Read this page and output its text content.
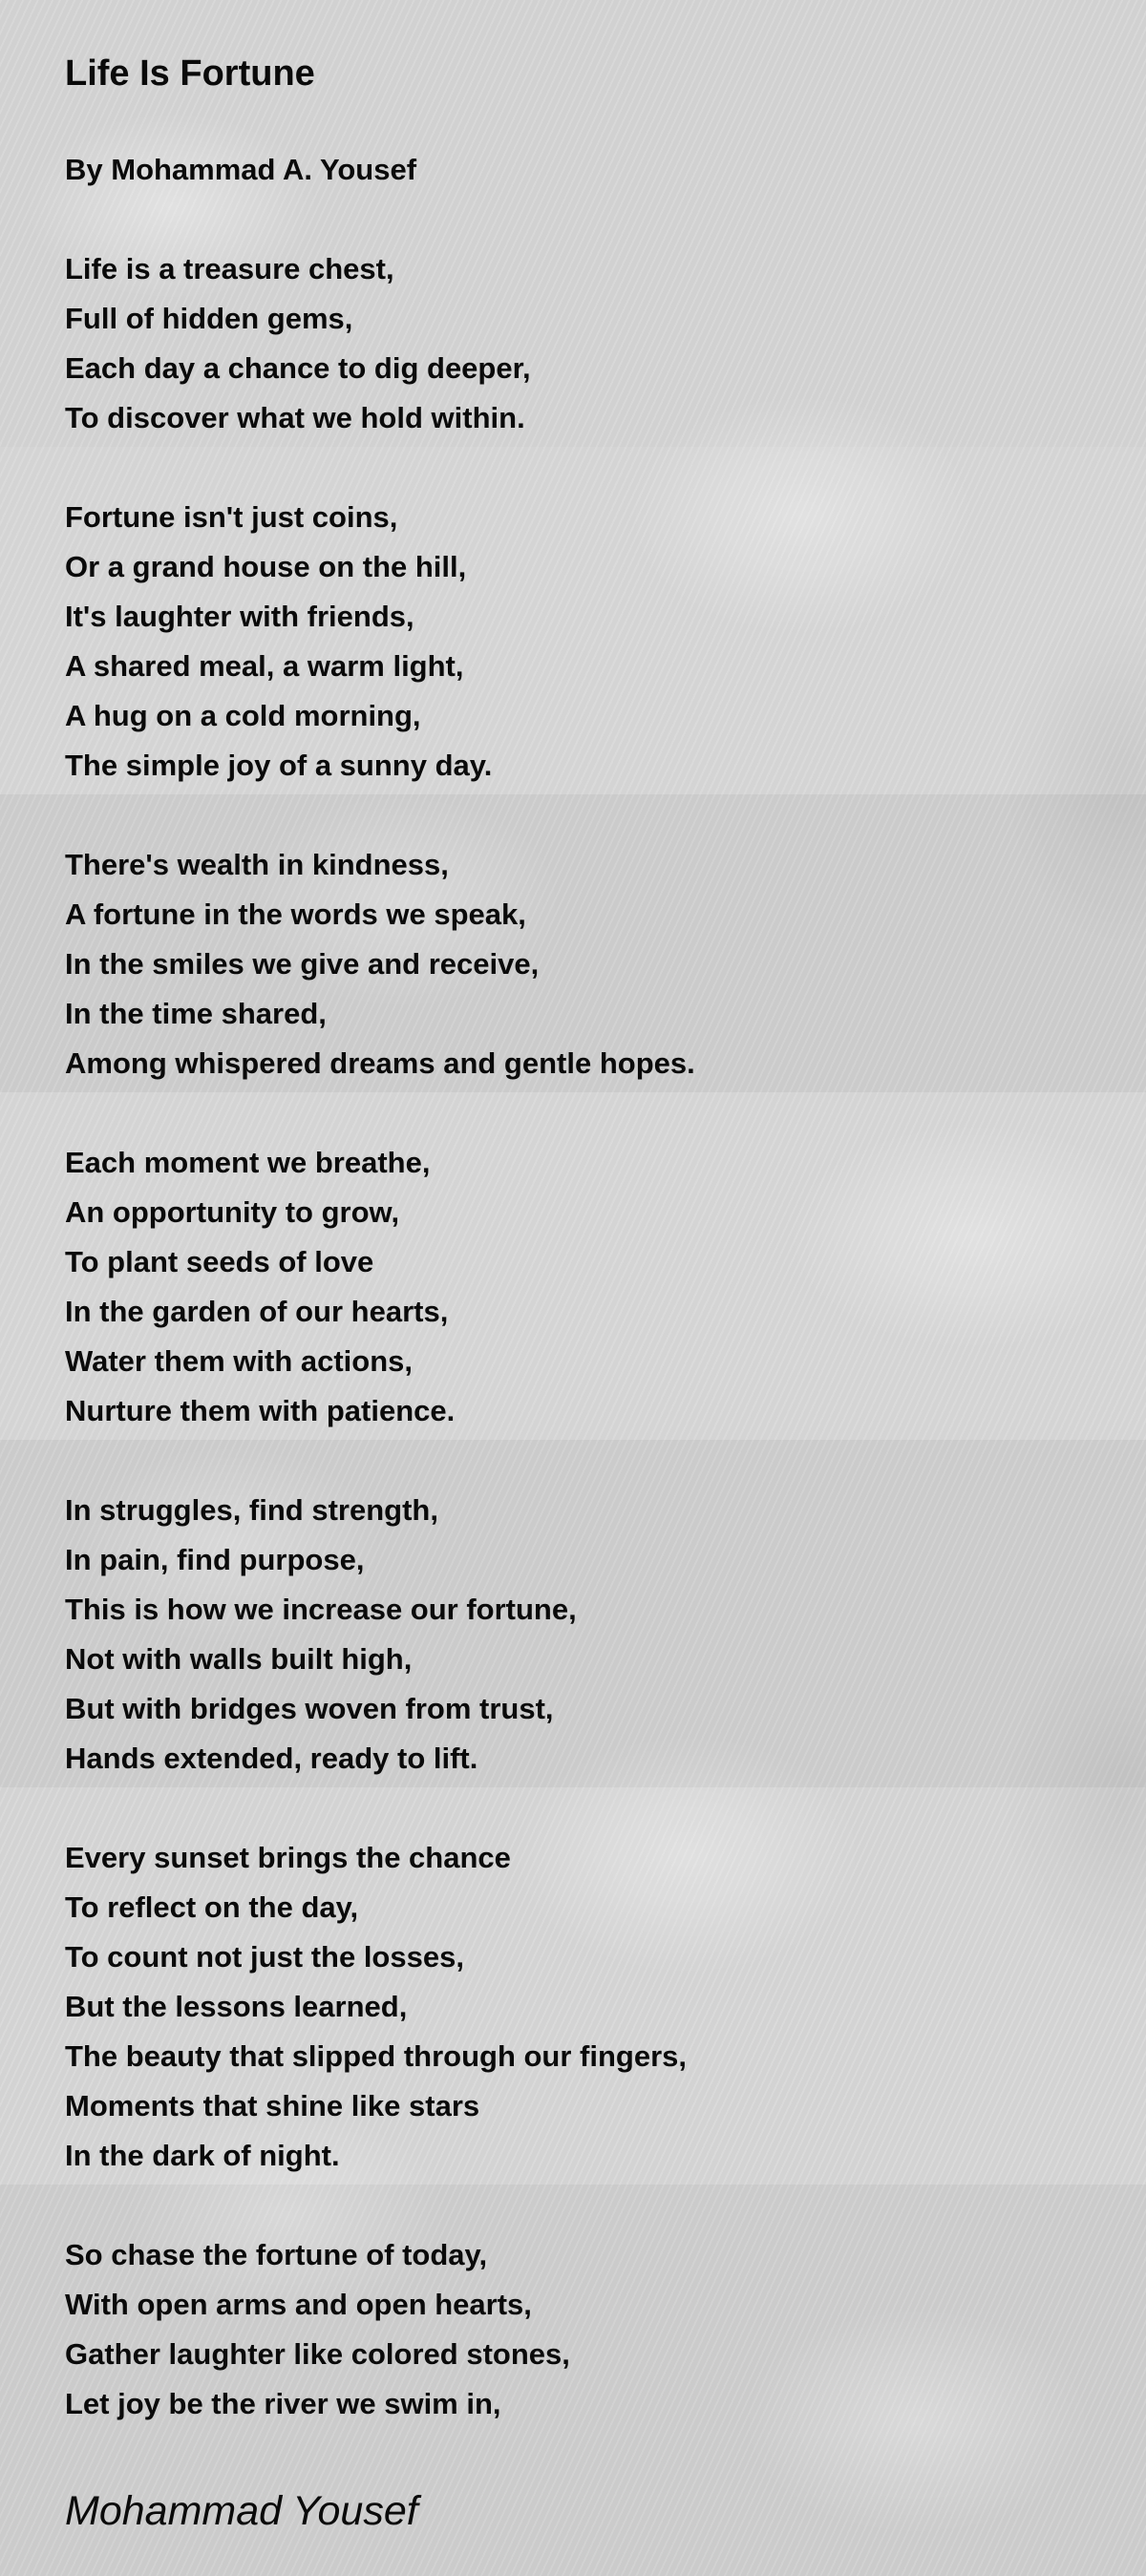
Life Is Fortune
By Mohammad A. Yousef
Life is a treasure chest,
Full of hidden gems,
Each day a chance to dig deeper,
To discover what we hold within.
Fortune isn't just coins,
Or a grand house on the hill,
It's laughter with friends,
A shared meal, a warm light,
A hug on a cold morning,
The simple joy of a sunny day.
There's wealth in kindness,
A fortune in the words we speak,
In the smiles we give and receive,
In the time shared,
Among whispered dreams and gentle hopes.
Each moment we breathe,
An opportunity to grow,
To plant seeds of love
In the garden of our hearts,
Water them with actions,
Nurture them with patience.
In struggles, find strength,
In pain, find purpose,
This is how we increase our fortune,
Not with walls built high,
But with bridges woven from trust,
Hands extended, ready to lift.
Every sunset brings the chance
To reflect on the day,
To count not just the losses,
But the lessons learned,
The beauty that slipped through our fingers,
Moments that shine like stars
In the dark of night.
So chase the fortune of today,
With open arms and open hearts,
Gather laughter like colored stones,
Let joy be the river we swim in,
Mohammad Yousef
